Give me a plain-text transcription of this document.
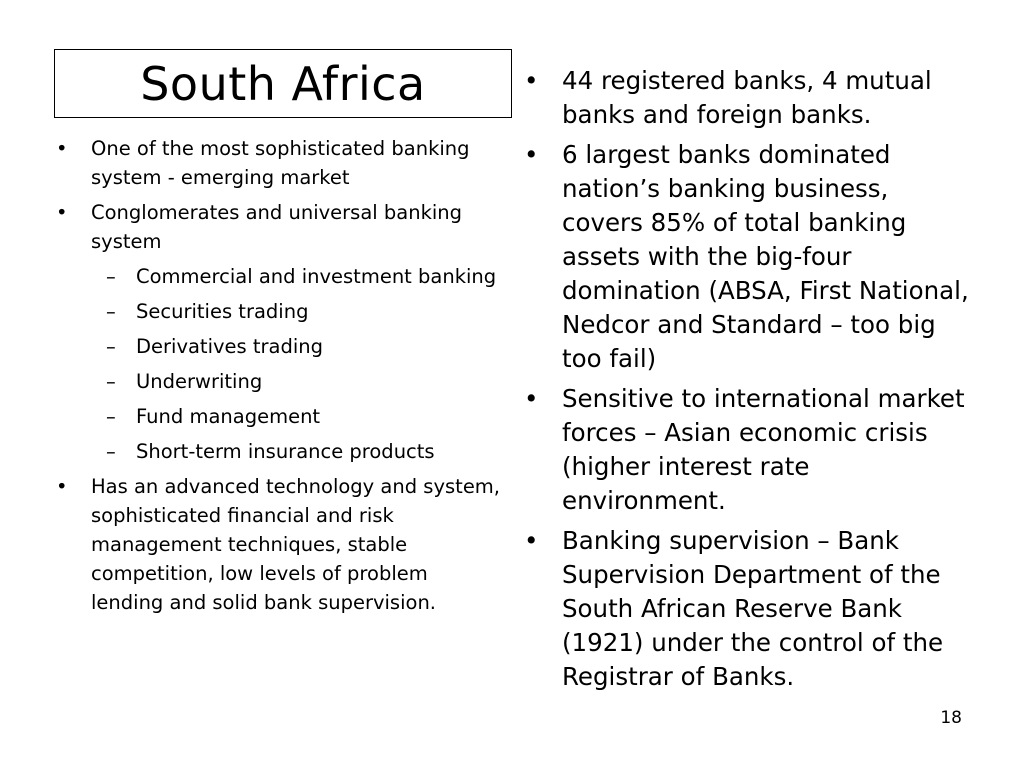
South Africa
• One of the most sophisticated banking system - emerging market
• Conglomerates and universal banking system
– Commercial and investment banking
– Securities trading
– Derivatives trading
– Underwriting
– Fund management
– Short-term insurance products
• Has an advanced technology and system, sophisticated financial and risk management techniques, stable competition, low levels of problem lending and solid bank supervision.
• 44 registered banks, 4 mutual banks and foreign banks.
• 6 largest banks dominated nation’s banking business, covers 85% of total banking assets with the big-four domination (ABSA, First National, Nedcor and Standard – too big too fail)
• Sensitive to international market forces – Asian economic crisis (higher interest rate environment.
• Banking supervision – Bank Supervision Department of the South African Reserve Bank (1921) under the control of the Registrar of Banks.
18
